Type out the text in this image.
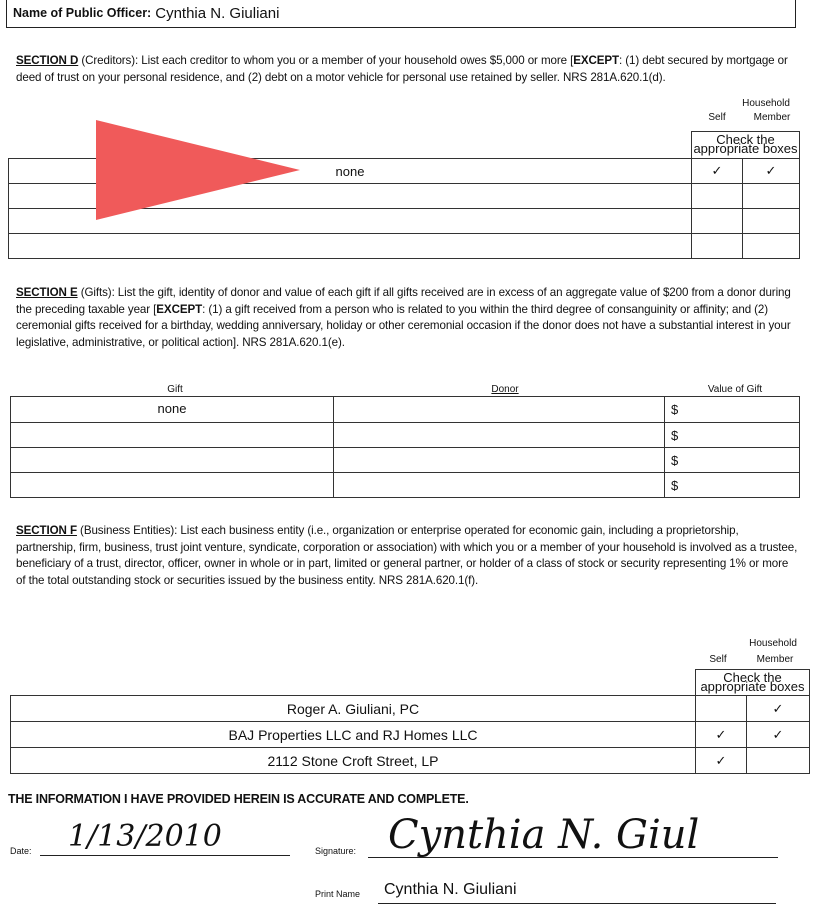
Name of Public Officer: Cynthia N. Giuliani
SECTION D (Creditors): List each creditor to whom you or a member of your household owes $5,000 or more [EXCEPT: (1) debt secured by mortgage or deed of trust on your personal residence, and (2) debt on a motor vehicle for personal use retained by seller. NRS 281A.620.1(d).
Household
Self	Member
	Check the appropriate boxes	
none	✓	✓

SECTION E (Gifts): List the gift, identity of donor and value of each gift if all gifts received are in excess of an aggregate value of $200 from a donor during the preceding taxable year [EXCEPT: (1) a gift received from a person who is related to you within the third degree of consanguinity or affinity; and (2) ceremonial gifts received for a birthday, wedding anniversary, holiday or other ceremonial occasion if the donor does not have a substantial interest in your legislative, administrative, or political action]. NRS 281A.620.1(e).
Gift	Donor	Value of Gift
none		$
		$
		$
		$
SECTION F (Business Entities): List each business entity (i.e., organization or enterprise operated for economic gain, including a proprietorship, partnership, firm, business, trust joint venture, syndicate, corporation or association) with which you or a member of your household is involved as a trustee, beneficiary of a trust, director, officer, owner in whole or in part, limited or general partner, or holder of a class of stock or security representing 1% or more of the total outstanding stock or securities issued by the business entity. NRS 281A.620.1(f).
Household
Self	Member
	Check the appropriate boxes	
Roger A. Giuliani, PC		✓
BAJ Properties LLC and RJ Homes LLC	✓	✓
2112 Stone Croft Street, LP	✓	
THE INFORMATION I HAVE PROVIDED HEREIN IS ACCURATE AND COMPLETE.
Date:	1/13/2010	Signature: Cynthia N. Giul
Print Name	Cynthia N. Giuliani
